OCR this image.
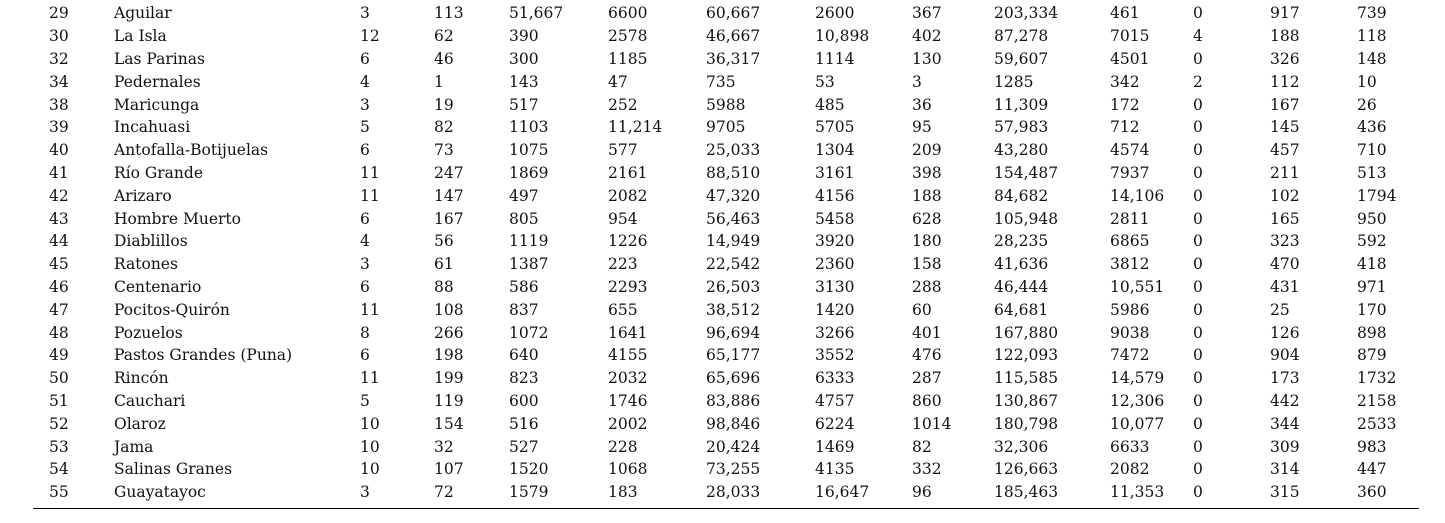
	29	Aguilar	3	113	51,667	6600	60,667	2600	367	203,334	461	0	917	739
	30	La Isla	12	62	390	2578	46,667	10,898	402	87,278	7015	4	188	118
	32	Las Parinas	6	46	300	1185	36,317	1114	130	59,607	4501	0	326	148
	34	Pedernales	4	1	143	47	735	53	3	1285	342	2	112	10
	38	Maricunga	3	19	517	252	5988	485	36	11,309	172	0	167	26
	39	Incahuasi	5	82	1103	11,214	9705	5705	95	57,983	712	0	145	436
	40	Antofalla-Botijuelas	6	73	1075	577	25,033	1304	209	43,280	4574	0	457	710
	41	Río Grande	11	247	1869	2161	88,510	3161	398	154,487	7937	0	211	513
	42	Arizaro	11	147	497	2082	47,320	4156	188	84,682	14,106	0	102	1794
	43	Hombre Muerto	6	167	805	954	56,463	5458	628	105,948	2811	0	165	950
	44	Diablillos	4	56	1119	1226	14,949	3920	180	28,235	6865	0	323	592
	45	Ratones	3	61	1387	223	22,542	2360	158	41,636	3812	0	470	418
	46	Centenario	6	88	586	2293	26,503	3130	288	46,444	10,551	0	431	971
	47	Pocitos-Quirón	11	108	837	655	38,512	1420	60	64,681	5986	0	25	170
	48	Pozuelos	8	266	1072	1641	96,694	3266	401	167,880	9038	0	126	898
	49	Pastos Grandes (Puna)	6	198	640	4155	65,177	3552	476	122,093	7472	0	904	879
	50	Rincón	11	199	823	2032	65,696	6333	287	115,585	14,579	0	173	1732
	51	Cauchari	5	119	600	1746	83,886	4757	860	130,867	12,306	0	442	2158
	52	Olaroz	10	154	516	2002	98,846	6224	1014	180,798	10,077	0	344	2533
	53	Jama	10	32	527	228	20,424	1469	82	32,306	6633	0	309	983
	54	Salinas Granes	10	107	1520	1068	73,255	4135	332	126,663	2082	0	314	447
	55	Guayatayoc	3	72	1579	183	28,033	16,647	96	185,463	11,353	0	315	360
